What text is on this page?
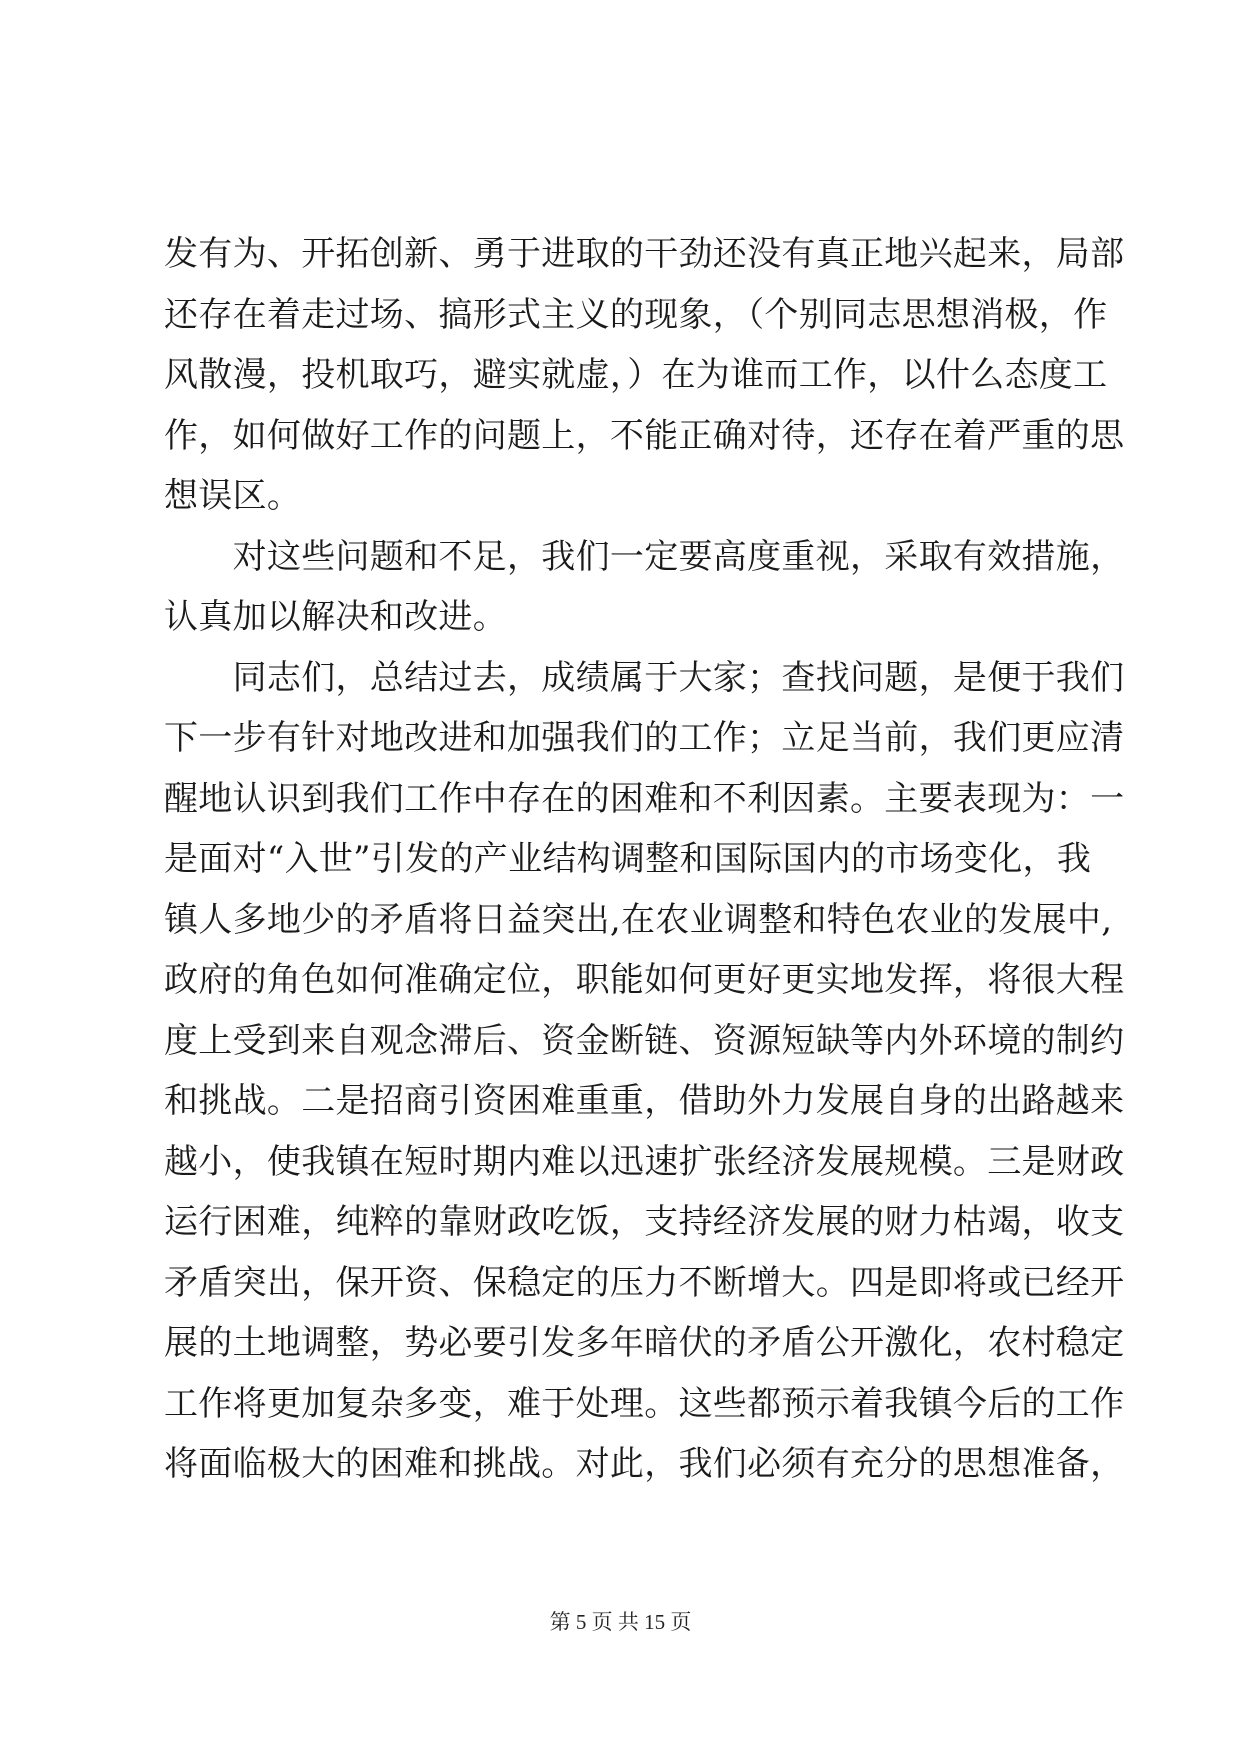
发有为、开拓创新、勇于进取的干劲还没有真正地兴起来，局部
还存在着走过场、搞形式主义的现象，（个别同志思想消极，作
风散漫，投机取巧，避实就虚，）在为谁而工作，以什么态度工
作，如何做好工作的问题上，不能正确对待，还存在着严重的思
想误区。
　　对这些问题和不足，我们一定要高度重视，采取有效措施，
认真加以解决和改进。
　　同志们，总结过去，成绩属于大家；查找问题，是便于我们
下一步有针对地改进和加强我们的工作；立足当前，我们更应清
醒地认识到我们工作中存在的困难和不利因素。主要表现为：一
是面对“入世”引发的产业结构调整和国际国内的市场变化，我
镇人多地少的矛盾将日益突出,在农业调整和特色农业的发展中,
政府的角色如何准确定位，职能如何更好更实地发挥，将很大程
度上受到来自观念滞后、资金断链、资源短缺等内外环境的制约
和挑战。二是招商引资困难重重，借助外力发展自身的出路越来
越小，使我镇在短时期内难以迅速扩张经济发展规模。三是财政
运行困难，纯粹的靠财政吃饭，支持经济发展的财力枯竭，收支
矛盾突出，保开资、保稳定的压力不断增大。四是即将或已经开
展的土地调整，势必要引发多年暗伏的矛盾公开激化，农村稳定
工作将更加复杂多变，难于处理。这些都预示着我镇今后的工作
将面临极大的困难和挑战。对此，我们必须有充分的思想准备，
第 5 页 共 15 页
